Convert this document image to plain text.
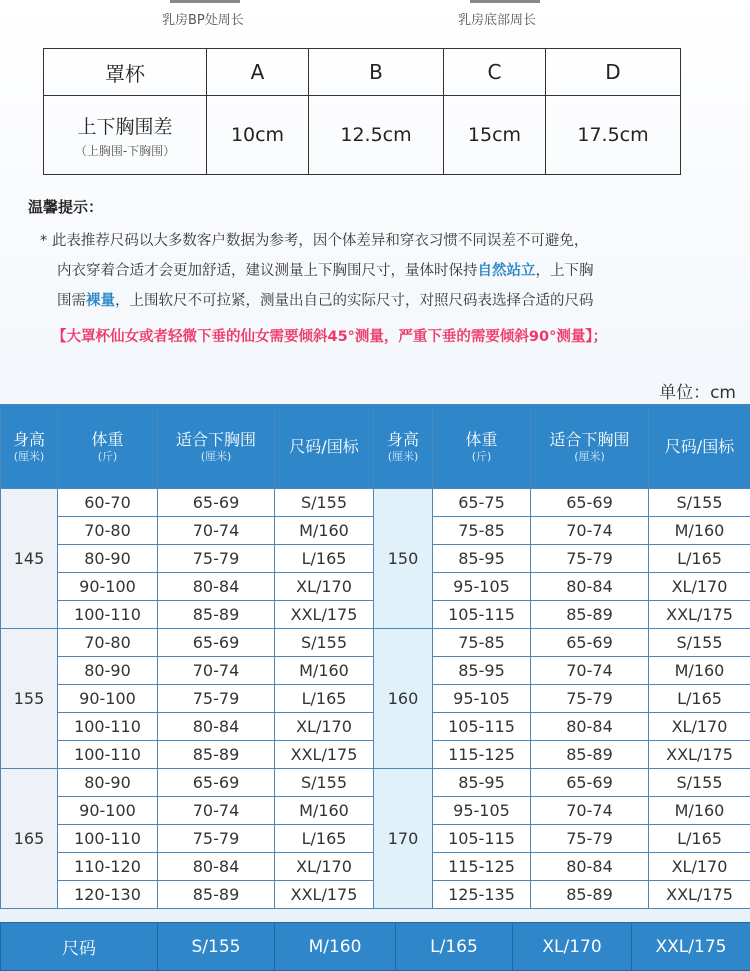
乳房BP处周长	乳房底部周长
罩杯	A	B	C	D

上下胸围差
（上胸围-下胸围）	10cm	12.5cm	15cm	17.5cm
温馨提示：
* 此表推荐尺码以大多数客户数据为参考，因个体差异和穿衣习惯不同误差不可避免，
内衣穿着合适才会更加舒适，建议测量上下胸围尺寸，量体时保持自然站立，上下胸
围需裸量，上围软尺不可拉紧，测量出自己的实际尺寸，对照尺码表选择合适的尺码
【大罩杯仙女或者轻微下垂的仙女需要倾斜45°测量，严重下垂的需要倾斜90°测量】；
单位：cm
身高
(厘米)	体重
(斤)	适合下胸围
(厘米)	尺码/国标	身高
(厘米)	体重
(斤)	适合下胸围
(厘米)	尺码/国标
145	60-70	65-69	S/155	150	65-75	65-69	S/155
	70-80	70-74	M/160		75-85	70-74	M/160
	80-90	75-79	L/165		85-95	75-79	L/165
	90-100	80-84	XL/170		95-105	80-84	XL/170
	100-110	85-89	XXL/175		105-115	85-89	XXL/175
155	70-80	65-69	S/155	160	75-85	65-69	S/155
	80-90	70-74	M/160		85-95	70-74	M/160
	90-100	75-79	L/165		95-105	75-79	L/165
	100-110	80-84	XL/170		105-115	80-84	XL/170
	100-110	85-89	XXL/175		115-125	85-89	XXL/175
165	80-90	65-69	S/155	170	85-95	65-69	S/155
	90-100	70-74	M/160		95-105	70-74	M/160
	100-110	75-79	L/165		105-115	75-79	L/165
	110-120	80-84	XL/170		115-125	80-84	XL/170
	120-130	85-89	XXL/175		125-135	85-89	XXL/175
尺码	S/155	M/160	L/165	XL/170	XXL/175
